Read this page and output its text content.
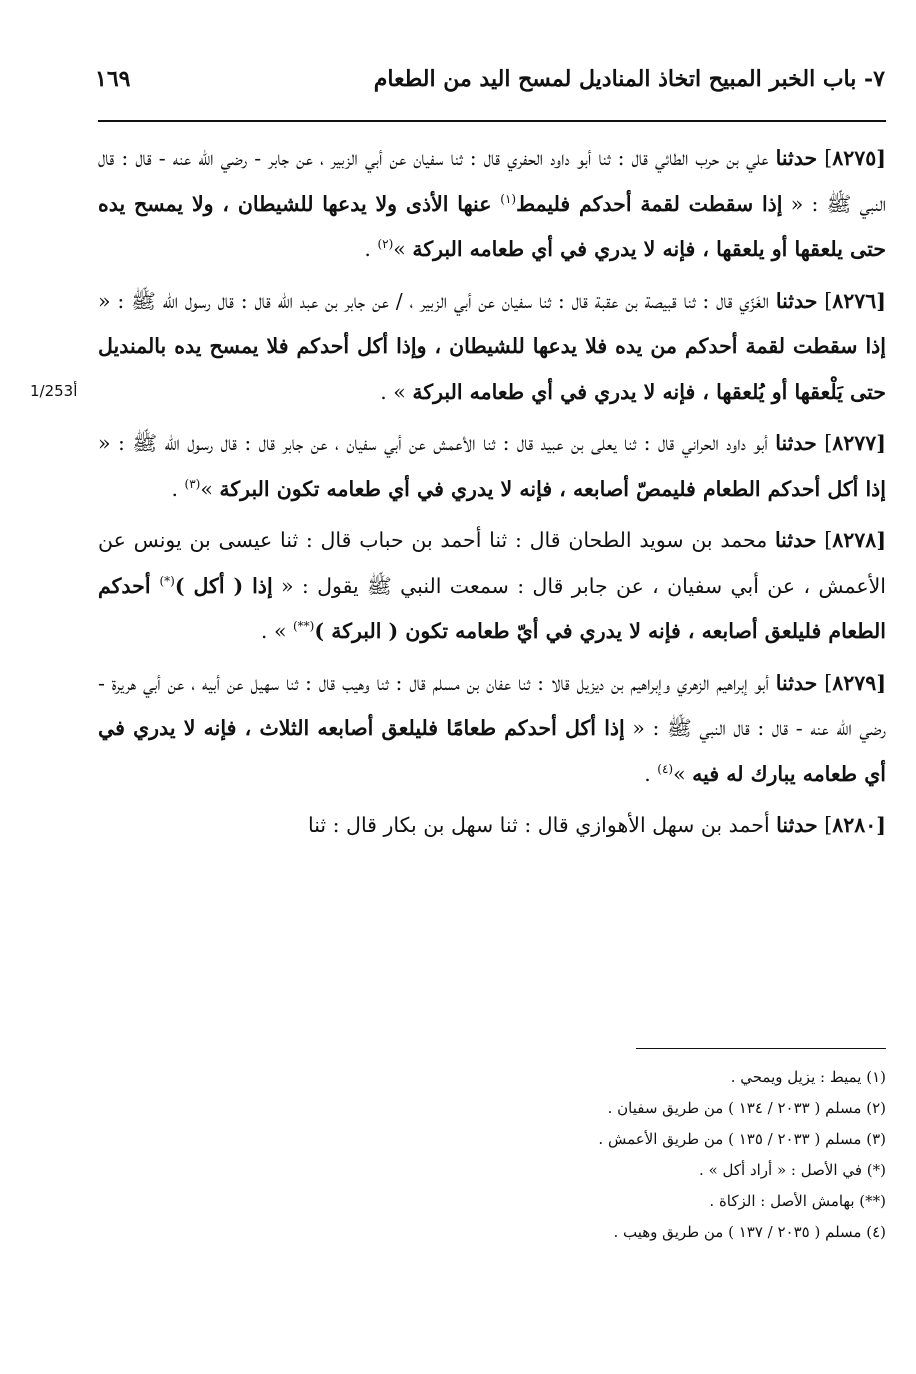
٧- باب الخبر المبيح اتخاذ المناديل لمسح اليد من الطعام
١٦٩
1/253أ

[٨٢٧٥] حدثنا علي بن حرب الطائي قال : ثنا أبو داود الحفري قال : ثنا سفيان عن أبي الزبير ، عن جابر - رضي الله عنه - قال : قال النبي ﷺ : « إذا سقطت لقمة أحدكم فليمط$^{(١)}$ عنها الأذى ولا يدعها للشيطان ، ولا يمسح يده حتى يلعقها أو يلعقها ، فإنه لا يدري في أي طعامه البركة »$^{(٢)}$ .

[٨٢٧٦] حدثنا الغَزّي قال : ثنا قبيصة بن عقبة قال : ثنا سفيان عن أبي الزبير ، / عن جابر بن عبد الله قال : قال رسول الله ﷺ : « إذا سقطت لقمة أحدكم من يده فلا يدعها للشيطان ، وإذا أكل أحدكم فلا يمسح يده بالمنديل حتى يَلْعقها أو يُلعقها ، فإنه لا يدري في أي طعامه البركة » .

[٨٢٧٧] حدثنا أبو داود الحراني قال : ثنا يعلى بن عبيد قال : ثنا الأعمش عن أبي سفيان ، عن جابر قال : قال رسول الله ﷺ : « إذا أكل أحدكم الطعام فليمصّ أصابعه ، فإنه لا يدري في أي طعامه تكون البركة »$^{(٣)}$ .

[٨٢٧٨] حدثنا محمد بن سويد الطحان قال : ثنا أحمد بن حباب قال : ثنا عيسى بن يونس عن الأعمش ، عن أبي سفيان ، عن جابر قال : سمعت النبي ﷺ يقول : « إذا ( أكل )(*) أحدكم الطعام فليلعق أصابعه ، فإنه لا يدري في أيّ طعامه تكون ( البركة )(**) » .

[٨٢٧٩] حدثنا أبو إبراهيم الزهري وإبراهيم بن ديزيل قالا : ثنا عفان بن مسلم قال : ثنا وهيب قال : ثنا سهيل عن أبيه ، عن أبي هريرة - رضي الله عنه - قال : قال النبي ﷺ : « إذا أكل أحدكم طعامًا فليلعق أصابعه الثلاث ، فإنه لا يدري في أي طعامه يبارك له فيه »$^{(٤)}$ .

[٨٢٨٠] حدثنا أحمد بن سهل الأهوازي قال : ثنا سهل بن بكار قال : ثنا

(١) يميط : يزيل ويمحي .

(٢) مسلم ( ٢٠٣٣ / ١٣٤ ) من طريق سفيان .

(٣) مسلم ( ٢٠٣٣ / ١٣٥ ) من طريق الأعمش .

(*) في الأصل : « أراد أكل » .

(**) بهامش الأصل : الزكاة .

(٤) مسلم ( ٢٠٣٥ / ١٣٧ ) من طريق وهيب .
